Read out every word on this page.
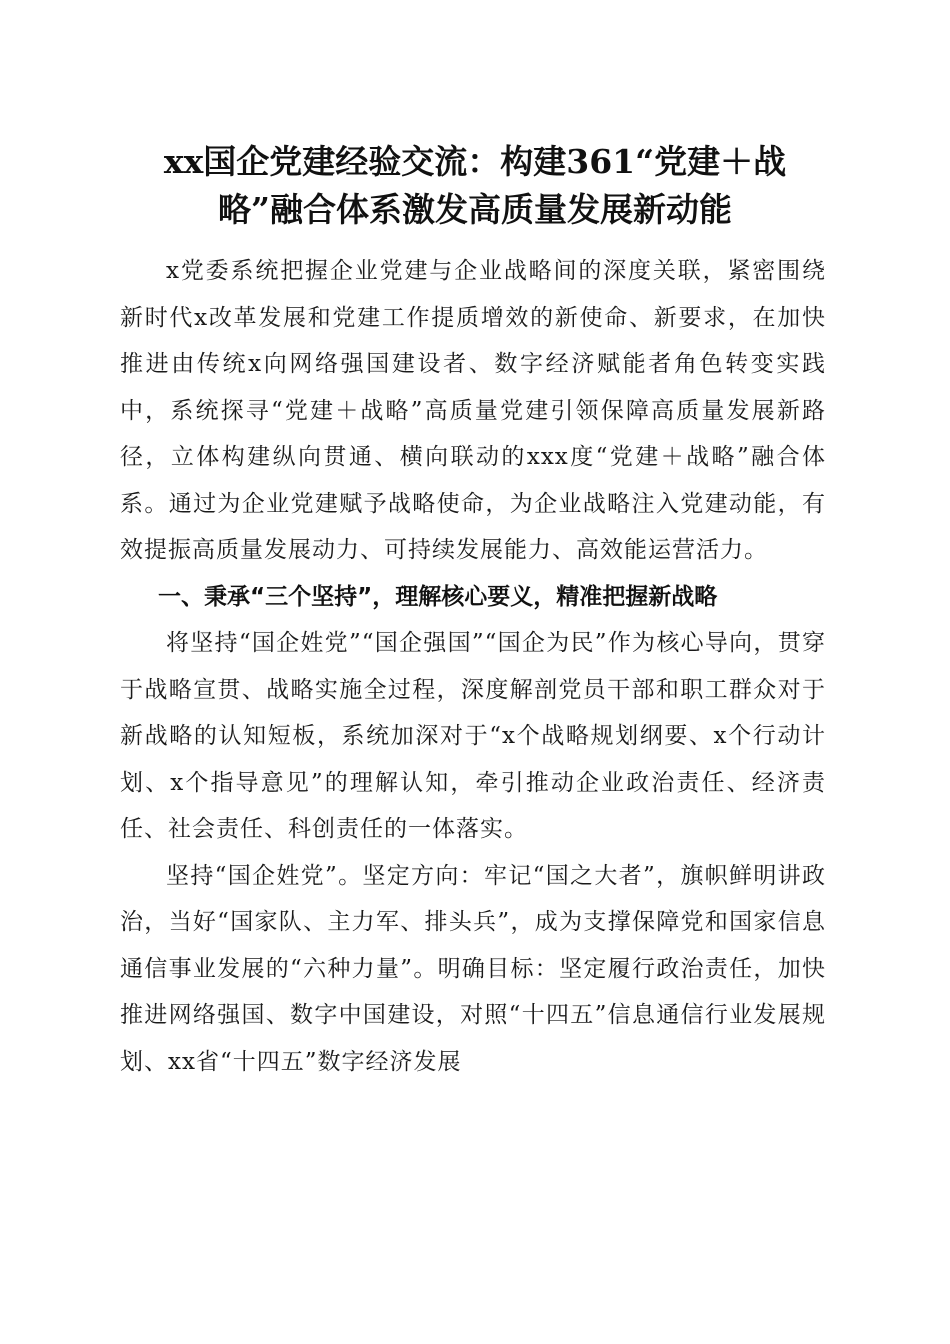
xx国企党建经验交流：构建361“党建＋战
略”融合体系激发高质量发展新动能

x党委系统把握企业党建与企业战略间的深度关联，紧密围绕新时代x改革发展和党建工作提质增效的新使命、新要求，在加快推进由传统x向网络强国建设者、数字经济赋能者角色转变实践中，系统探寻“党建＋战略”高质量党建引领保障高质量发展新路径，立体构建纵向贯通、横向联动的xxx度“党建＋战略”融合体系。通过为企业党建赋予战略使命，为企业战略注入党建动能，有效提振高质量发展动力、可持续发展能力、高效能运营活力。

一、秉承“三个坚持”，理解核心要义，精准把握新战略

将坚持“国企姓党”“国企强国”“国企为民”作为核心导向，贯穿于战略宣贯、战略实施全过程，深度解剖党员干部和职工群众对于新战略的认知短板，系统加深对于“x个战略规划纲要、x个行动计划、x个指导意见”的理解认知，牵引推动企业政治责任、经济责任、社会责任、科创责任的一体落实。

坚持“国企姓党”。坚定方向：牢记“国之大者”，旗帜鲜明讲政治，当好“国家队、主力军、排头兵”，成为支撑保障党和国家信息通信事业发展的“六种力量”。明确目标：坚定履行政治责任，加快推进网络强国、数字中国建设，对照“十四五”信息通信行业发展规划、xx省“十四五”数字经济发展
